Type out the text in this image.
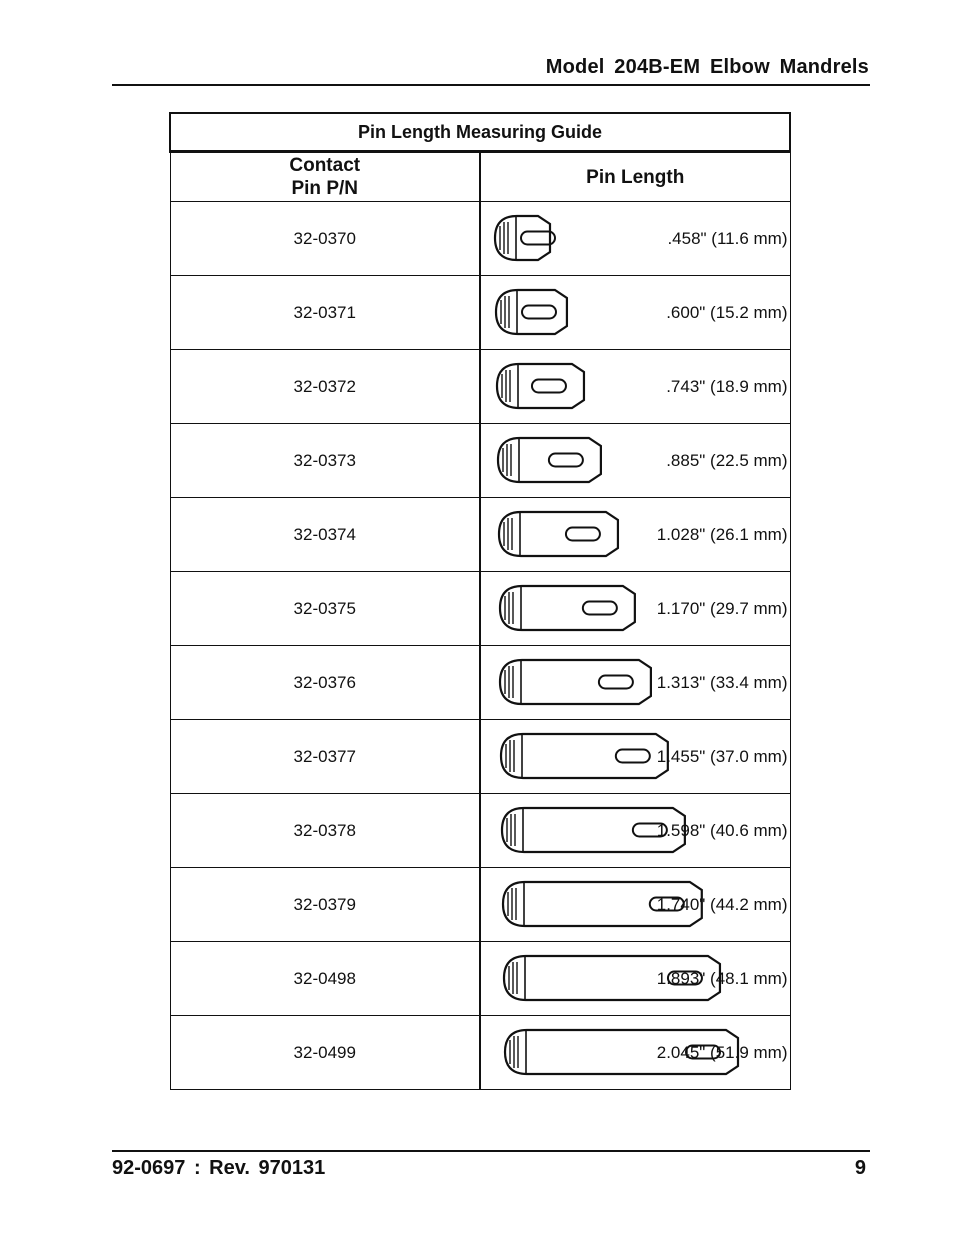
Model 204B-EM Elbow Mandrels
Pin Length Measuring Guide	
Contact
Pin P/N	Pin Length
32-0370	.458" (11.6 mm)

32-0371	.600" (15.2 mm)

32-0372	.743" (18.9 mm)

32-0373	.885" (22.5 mm)

32-0374	1.028" (26.1 mm)

32-0375	1.170" (29.7 mm)

32-0376	1.313" (33.4 mm)

32-0377	1.455" (37.0 mm)

32-0378	1.598" (40.6 mm)

32-0379	1.740" (44.2 mm)

32-0498	1.893" (48.1 mm)

32-0499	2.045" (51.9 mm)
92-0697 : Rev. 970131	9
